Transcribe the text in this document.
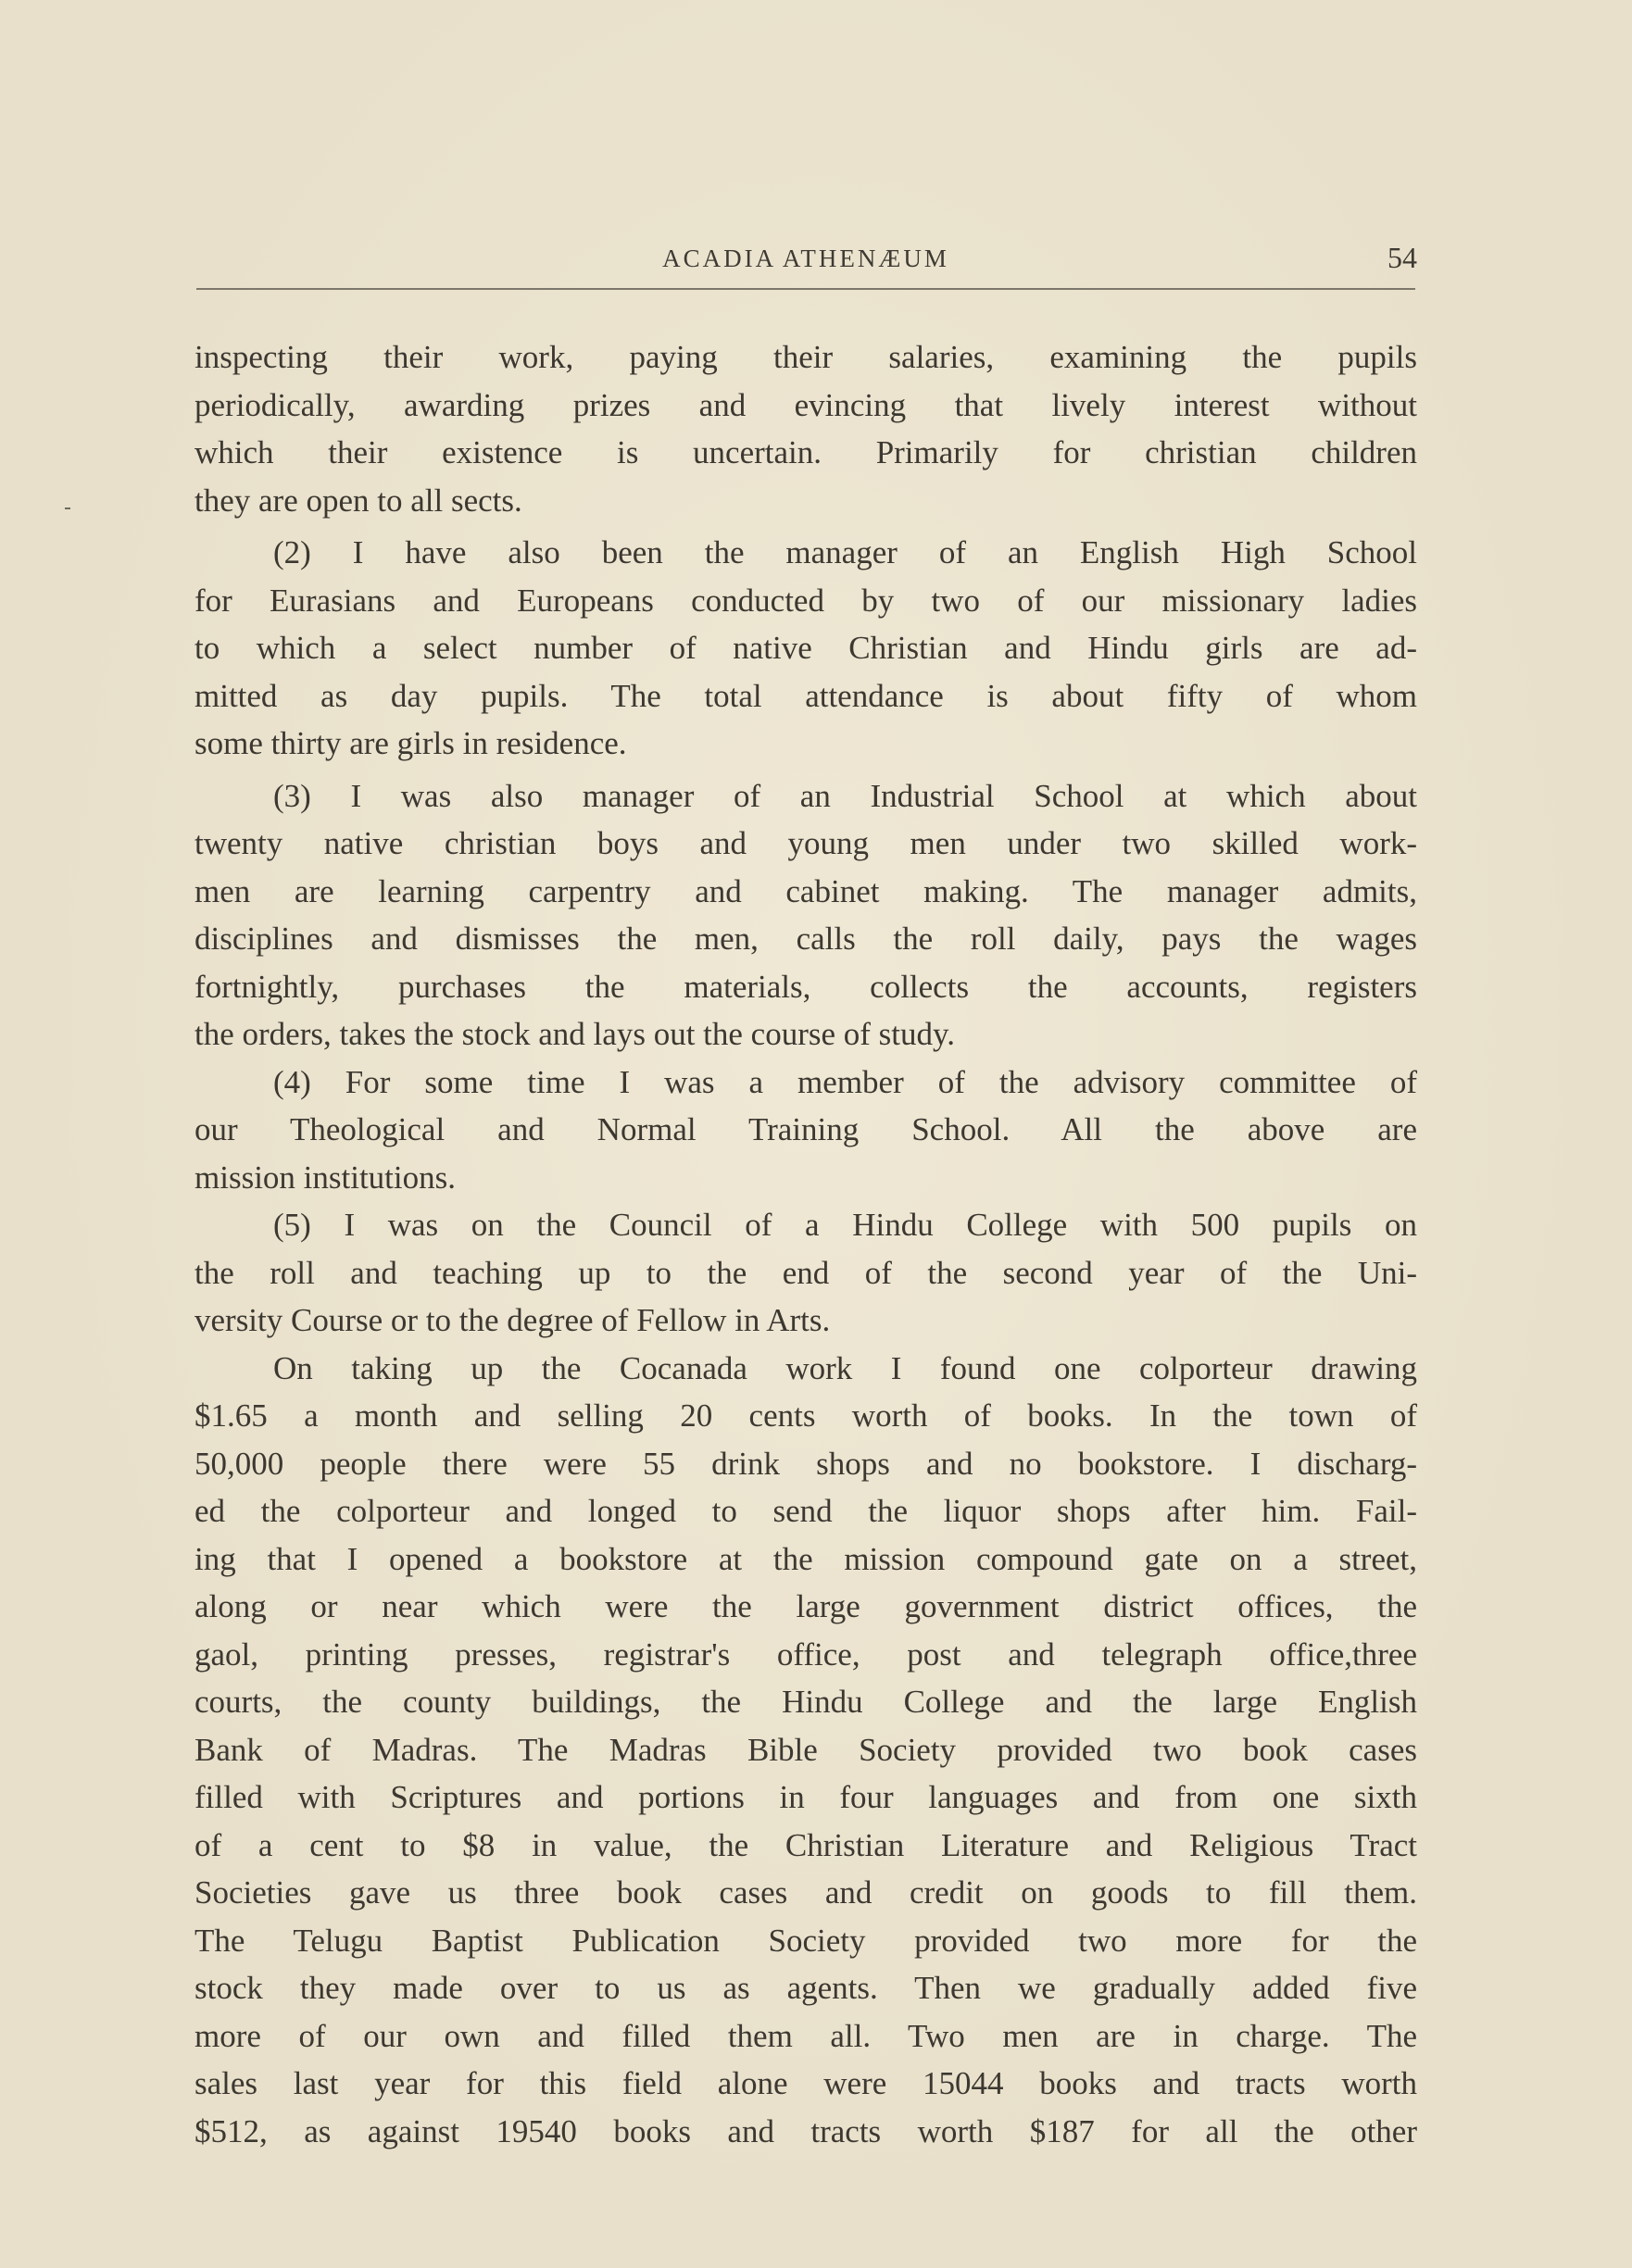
ACADIA ATHENÆUM	54
inspecting their work, paying their salaries, examining the pupils
periodically, awarding prizes and evincing that lively interest without
which their existence is uncertain. Primarily for christian children
they are open to all sects.
(2) I have also been the manager of an English High School
for Eurasians and Europeans conducted by two of our missionary ladies
to which a select number of native Christian and Hindu girls are ad-
mitted as day pupils. The total attendance is about fifty of whom
some thirty are girls in residence.
(3) I was also manager of an Industrial School at which about
twenty native christian boys and young men under two skilled work-
men are learning carpentry and cabinet making. The manager admits,
disciplines and dismisses the men, calls the roll daily, pays the wages
fortnightly, purchases the materials, collects the accounts, registers
the orders, takes the stock and lays out the course of study.
(4) For some time I was a member of the advisory committee of
our Theological and Normal Training School. All the above are
mission institutions.
(5) I was on the Council of a Hindu College with 500 pupils on
the roll and teaching up to the end of the second year of the Uni-
versity Course or to the degree of Fellow in Arts.
On taking up the Cocanada work I found one colporteur drawing
$1.65 a month and selling 20 cents worth of books. In the town of
50,000 people there were 55 drink shops and no bookstore. I discharg-
ed the colporteur and longed to send the liquor shops after him. Fail-
ing that I opened a bookstore at the mission compound gate on a street,
along or near which were the large government district offices, the
gaol, printing presses, registrar's office, post and telegraph office,three
courts, the county buildings, the Hindu College and the large English
Bank of Madras. The Madras Bible Society provided two book cases
filled with Scriptures and portions in four languages and from one sixth
of a cent to $8 in value, the Christian Literature and Religious Tract
Societies gave us three book cases and credit on goods to fill them.
The Telugu Baptist Publication Society provided two more for the
stock they made over to us as agents. Then we gradually added five
more of our own and filled them all. Two men are in charge. The
sales last year for this field alone were 15044 books and tracts worth
$512, as against 19540 books and tracts worth $187 for all the other
